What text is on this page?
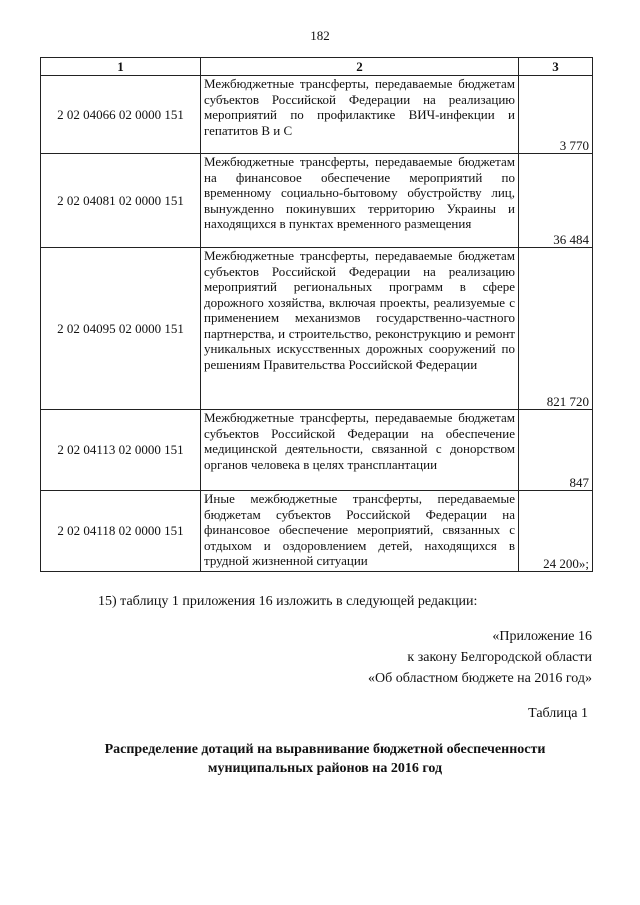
182
1	2	3
2 02 04066 02 0000 151	Межбюджетные трансферты, передаваемые бюджетам субъектов Российской Федерации на реализацию мероприятий по профилактике ВИЧ-инфекции и гепатитов В и С	3 770
2 02 04081 02 0000 151	Межбюджетные трансферты, передаваемые бюджетам на финансовое обеспечение мероприятий по временному социально-бытовому обустройству лиц, вынужденно покинувших территорию Украины и находящихся в пунктах временного размещения	36 484
2 02 04095 02 0000 151	Межбюджетные трансферты, передаваемые бюджетам субъектов Российской Федерации на реализацию мероприятий региональных программ в сфере дорожного хозяйства, включая проекты, реализуемые с применением механизмов государственно-частного партнерства, и строительство, реконструкцию и ремонт уникальных искусственных дорожных сооружений по решениям Правительства Российской Федерации	821 720
2 02 04113 02 0000 151	Межбюджетные трансферты, передаваемые бюджетам субъектов Российской Федерации на обеспечение медицинской деятельности, связанной с донорством органов человека в целях трансплантации	847
2 02 04118 02 0000 151	Иные межбюджетные трансферты, передаваемые бюджетам субъектов Российской Федерации на финансовое обеспечение мероприятий, связанных с отдыхом и оздоровлением детей, находящихся в трудной жизненной ситуации	24 200»;
15) таблицу 1 приложения 16 изложить в следующей редакции:
«Приложение 16
к закону Белгородской области
«Об областном бюджете на 2016 год»
Таблица 1
Распределение дотаций на выравнивание бюджетной обеспеченности
муниципальных районов на 2016 год
